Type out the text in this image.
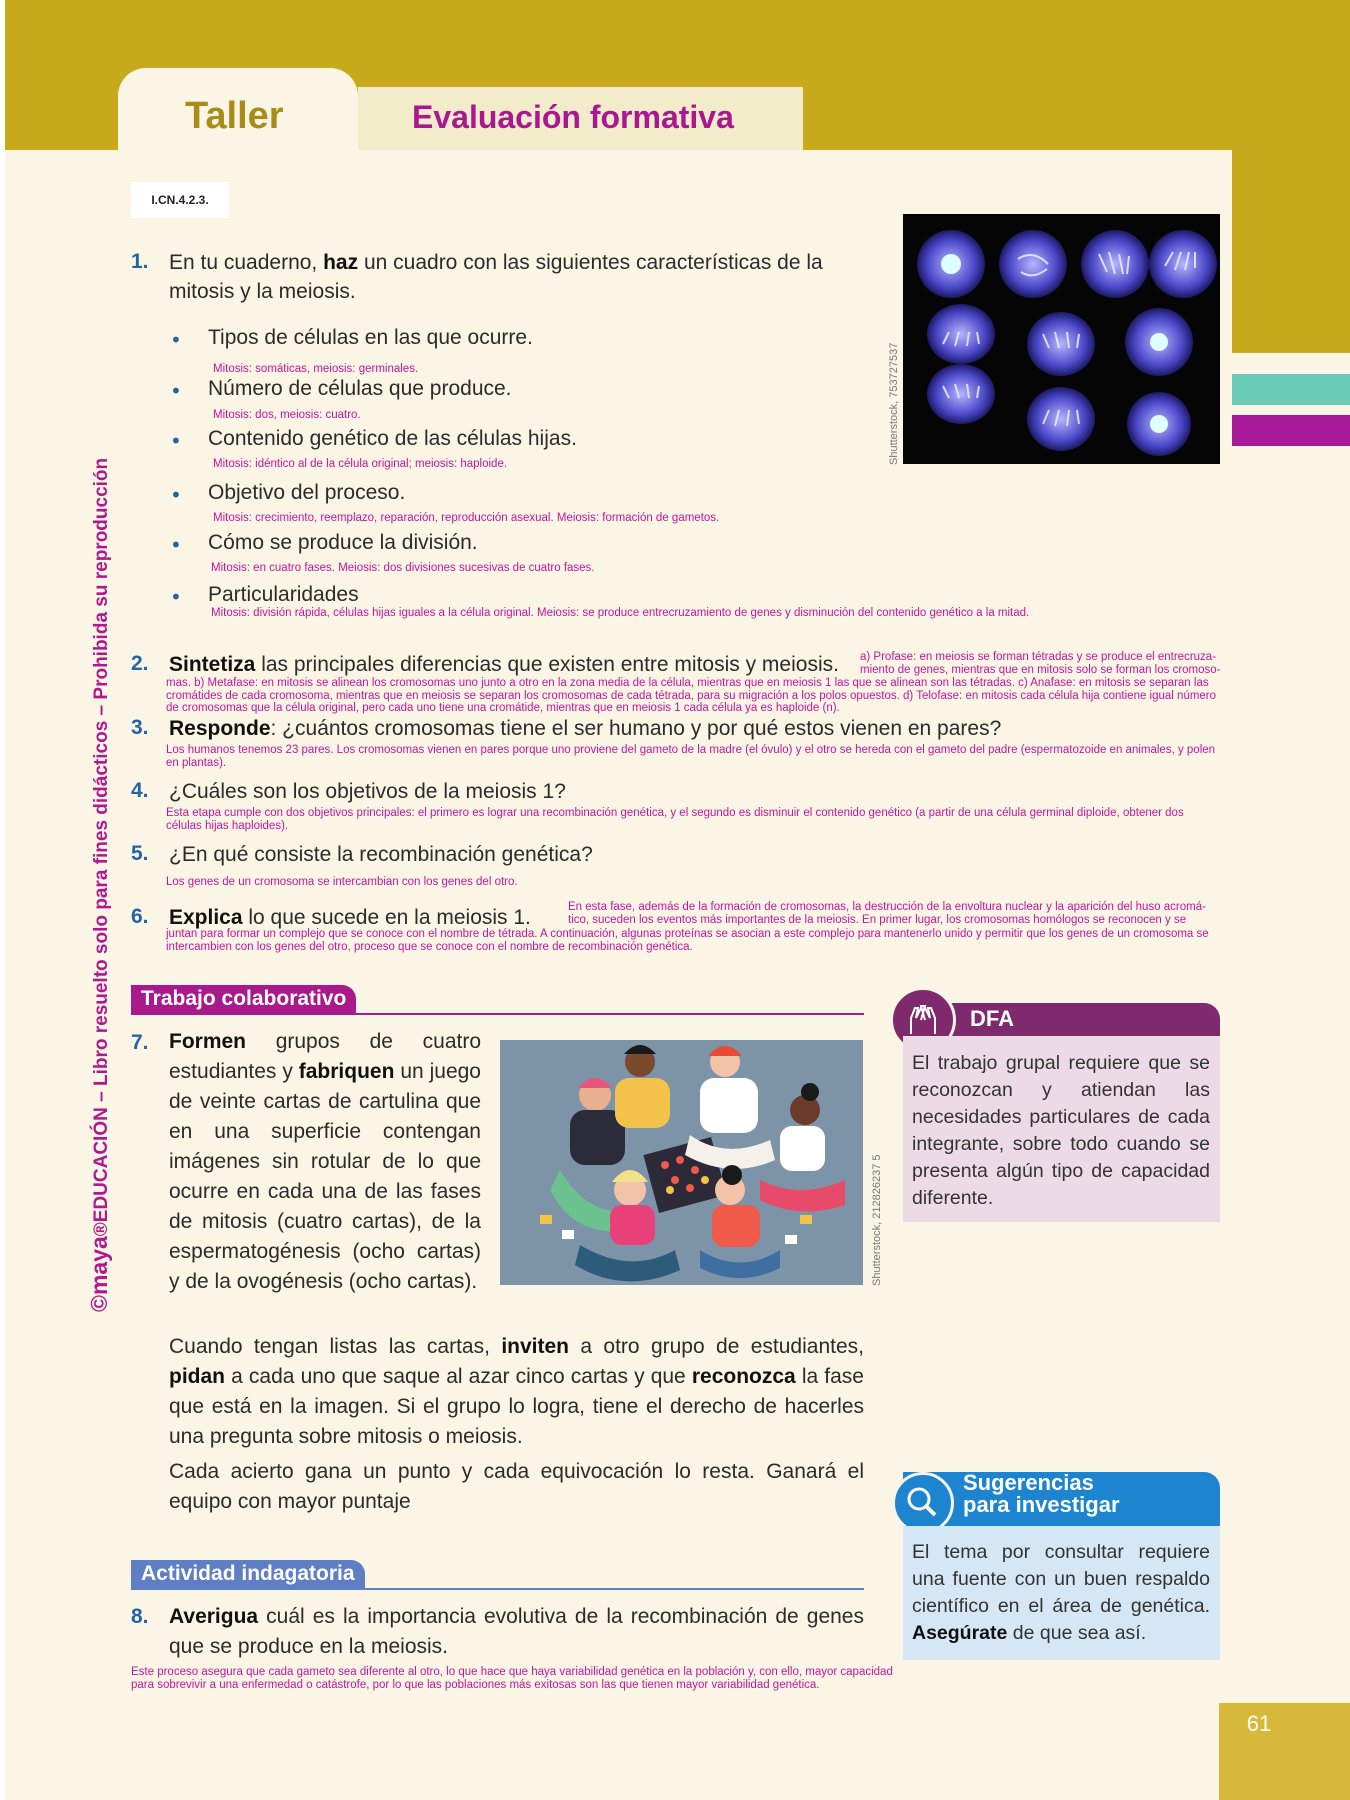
Taller	Evaluación formativa
I.CN.4.2.3.
©maya®EDUCACIÓN – Libro resuelto solo para fines didácticos – Prohibida su reproducción
Shutterstock, 753727537
1. En tu cuaderno, haz un cuadro con las siguientes características de la mitosis y la meiosis.
• Tipos de células en las que ocurre.
Mitosis: somáticas, meiosis: germinales.
• Número de células que produce.
Mitosis: dos, meiosis: cuatro.
• Contenido genético de las células hijas.
Mitosis: idéntico al de la célula original; meiosis: haploide.
• Objetivo del proceso.
Mitosis: crecimiento, reemplazo, reparación, reproducción asexual. Meiosis: formación de gametos.
• Cómo se produce la división.
Mitosis: en cuatro fases. Meiosis: dos divisiones sucesivas de cuatro fases.
• Particularidades
Mitosis: división rápida, células hijas iguales a la célula original. Meiosis: se produce entrecruzamiento de genes y disminución del contenido genético a la mitad.
2. Sintetiza las principales diferencias que existen entre mitosis y meiosis. a) Profase: en meiosis se forman tétradas y se produce el entrecruza- miento de genes, mientras que en mitosis solo se forman los cromoso-
mas. b) Metafase: en mitosis se alinean los cromosomas uno junto a otro en la zona media de la célula, mientras que en meiosis 1 las que se alinean son las tétradas. c) Anafase: en mitosis se separan las cromátides de cada cromosoma, mientras que en meiosis se separan los cromosomas de cada tétrada, para su migración a los polos opuestos. d) Telofase: en mitosis cada célula hija contiene igual número de cromosomas que la célula original, pero cada uno tiene una cromátide, mientras que en meiosis 1 cada célula ya es haploide (n).
3. Responde: ¿cuántos cromosomas tiene el ser humano y por qué estos vienen en pares?
Los humanos tenemos 23 pares. Los cromosomas vienen en pares porque uno proviene del gameto de la madre (el óvulo) y el otro se hereda con el gameto del padre (espermatozoide en animales, y polen en plantas).
4. ¿Cuáles son los objetivos de la meiosis 1?
Esta etapa cumple con dos objetivos principales: el primero es lograr una recombinación genética, y el segundo es disminuir el contenido genético (a partir de una célula germinal diploide, obtener dos células hijas haploides).
5. ¿En qué consiste la recombinación genética?
Los genes de un cromosoma se intercambian con los genes del otro.
6. Explica lo que sucede en la meiosis 1.	En esta fase, además de la formación de cromosomas, la destrucción de la envoltura nuclear y la aparición del huso acromá- tico, suceden los eventos más importantes de la meiosis. En primer lugar, los cromosomas homólogos se reconocen y se
juntan para formar un complejo que se conoce con el nombre de tétrada. A continuación, algunas proteínas se asocian a este complejo para mantenerlo unido y permitir que los genes de un cromosoma se intercambien con los genes del otro, proceso que se conoce con el nombre de recombinación genética.
Trabajo colaborativo
7. Formen grupos de cuatro estudiantes y fabriquen un juego de veinte cartas de cartulina que en una superficie contengan imágenes sin rotular de lo que ocurre en cada una de las fases de mitosis (cuatro cartas), de la espermatogénesis (ocho cartas) y de la ovogénesis (ocho cartas).	Shutterstock, 212826237 5
Cuando tengan listas las cartas, inviten a otro grupo de estudiantes, pidan a cada uno que saque al azar cinco cartas y que reconozca la fase que está en la imagen. Si el grupo lo logra, tiene el derecho de hacerles una pregunta sobre mitosis o meiosis.
Cada acierto gana un punto y cada equivocación lo resta. Ganará el equipo con mayor puntaje
DFA
El trabajo grupal requiere que se reconozcan y atiendan las necesidades particulares de cada integrante, sobre todo cuando se presenta algún tipo de capacidad diferente.
Actividad indagatoria
8. Averigua cuál es la importancia evolutiva de la recombinación de genes que se produce en la meiosis.
Este proceso asegura que cada gameto sea diferente al otro, lo que hace que haya variabilidad genética en la población y, con ello, mayor capacidad para sobrevivir a una enfermedad o catástrofe, por lo que las poblaciones más exitosas son las que tienen mayor variabilidad genética.
Sugerencias
para investigar
El tema por consultar requiere una fuente con un buen respaldo científico en el área de genética. Asegúrate de que sea así.
61
